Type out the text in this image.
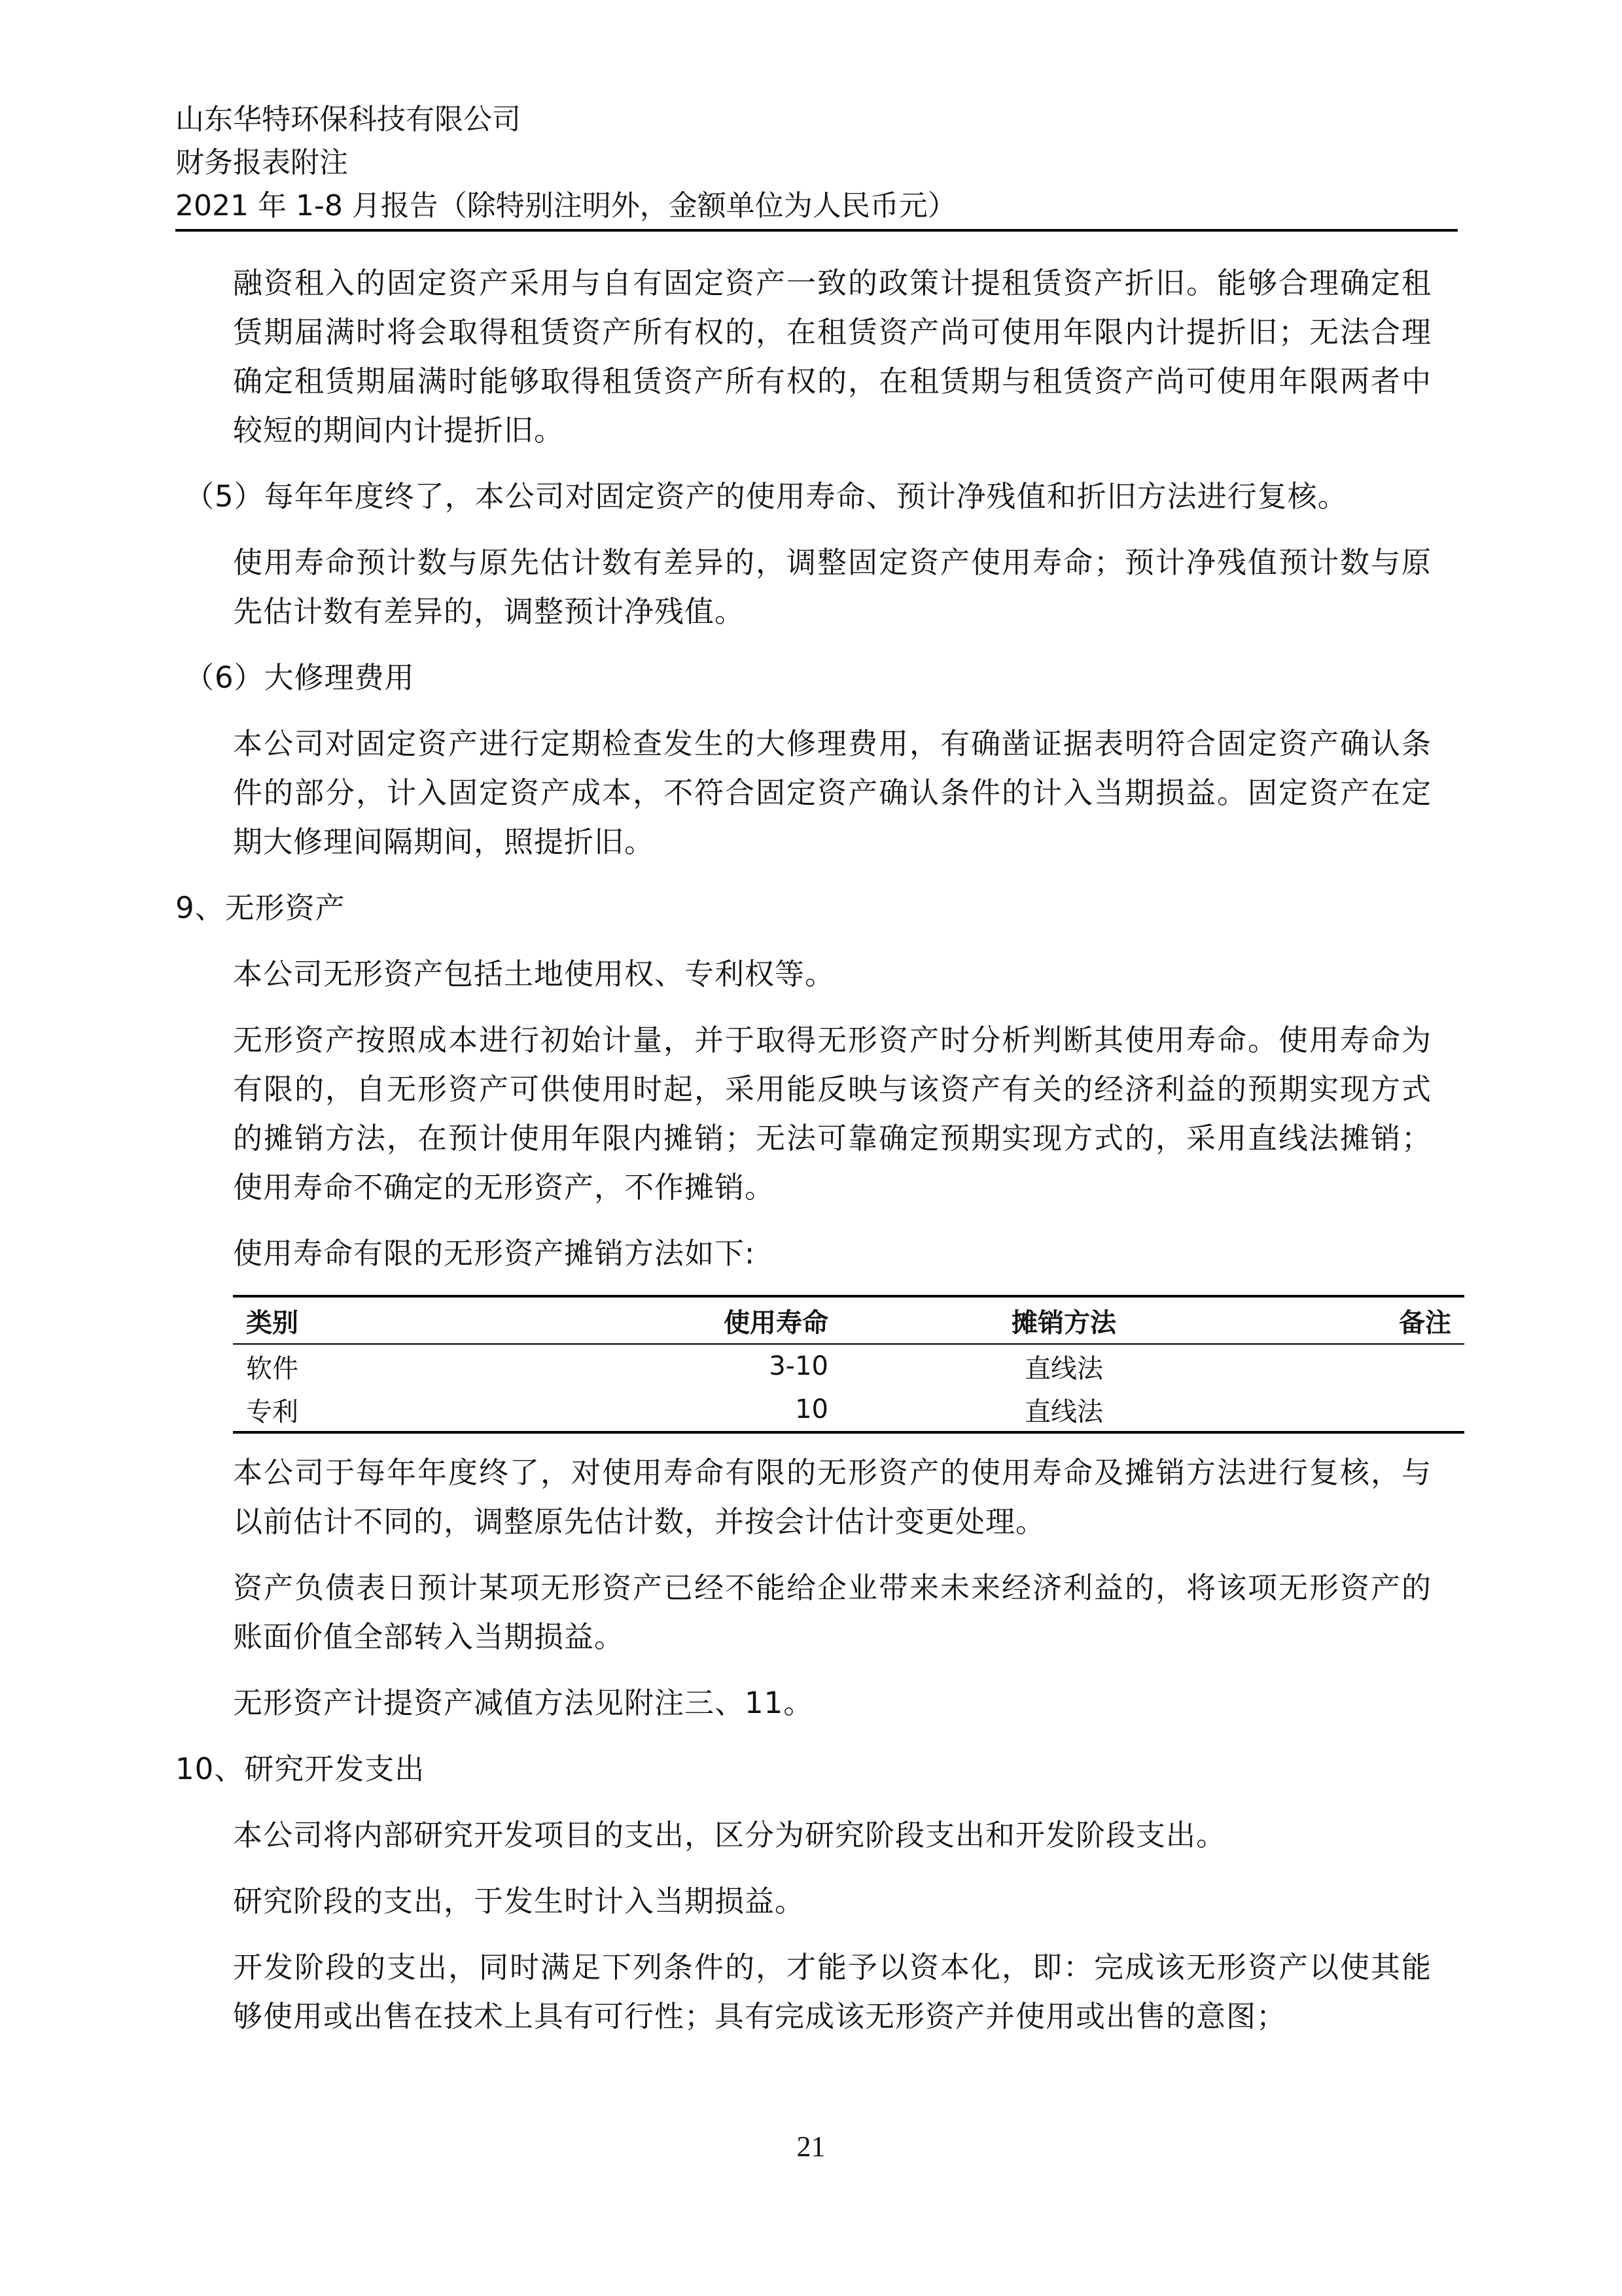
山东华特环保科技有限公司
财务报表附注
2021 年 1-8 月报告（除特别注明外，金额单位为人民币元）

融资租入的固定资产采用与自有固定资产一致的政策计提租赁资产折旧。能够合理确定租赁期届满时将会取得租赁资产所有权的，在租赁资产尚可使用年限内计提折旧；无法合理确定租赁期届满时能够取得租赁资产所有权的，在租赁期与租赁资产尚可使用年限两者中较短的期间内计提折旧。

（5）每年年度终了，本公司对固定资产的使用寿命、预计净残值和折旧方法进行复核。

使用寿命预计数与原先估计数有差异的，调整固定资产使用寿命；预计净残值预计数与原先估计数有差异的，调整预计净残值。

（6）大修理费用

本公司对固定资产进行定期检查发生的大修理费用，有确凿证据表明符合固定资产确认条件的部分，计入固定资产成本，不符合固定资产确认条件的计入当期损益。固定资产在定期大修理间隔期间，照提折旧。

9、无形资产

本公司无形资产包括土地使用权、专利权等。

无形资产按照成本进行初始计量，并于取得无形资产时分析判断其使用寿命。使用寿命为有限的，自无形资产可供使用时起，采用能反映与该资产有关的经济利益的预期实现方式的摊销方法，在预计使用年限内摊销；无法可靠确定预期实现方式的，采用直线法摊销；使用寿命不确定的无形资产，不作摊销。

使用寿命有限的无形资产摊销方法如下:

类别	使用寿命	摊销方法	备注
软件	3-10	直线法	
专利	10	直线法	

本公司于每年年度终了，对使用寿命有限的无形资产的使用寿命及摊销方法进行复核，与以前估计不同的，调整原先估计数，并按会计估计变更处理。

资产负债表日预计某项无形资产已经不能给企业带来未来经济利益的，将该项无形资产的账面价值全部转入当期损益。

无形资产计提资产减值方法见附注三、11。

10、研究开发支出

本公司将内部研究开发项目的支出，区分为研究阶段支出和开发阶段支出。

研究阶段的支出，于发生时计入当期损益。

开发阶段的支出，同时满足下列条件的，才能予以资本化，即：完成该无形资产以使其能够使用或出售在技术上具有可行性；具有完成该无形资产并使用或出售的意图；

21
